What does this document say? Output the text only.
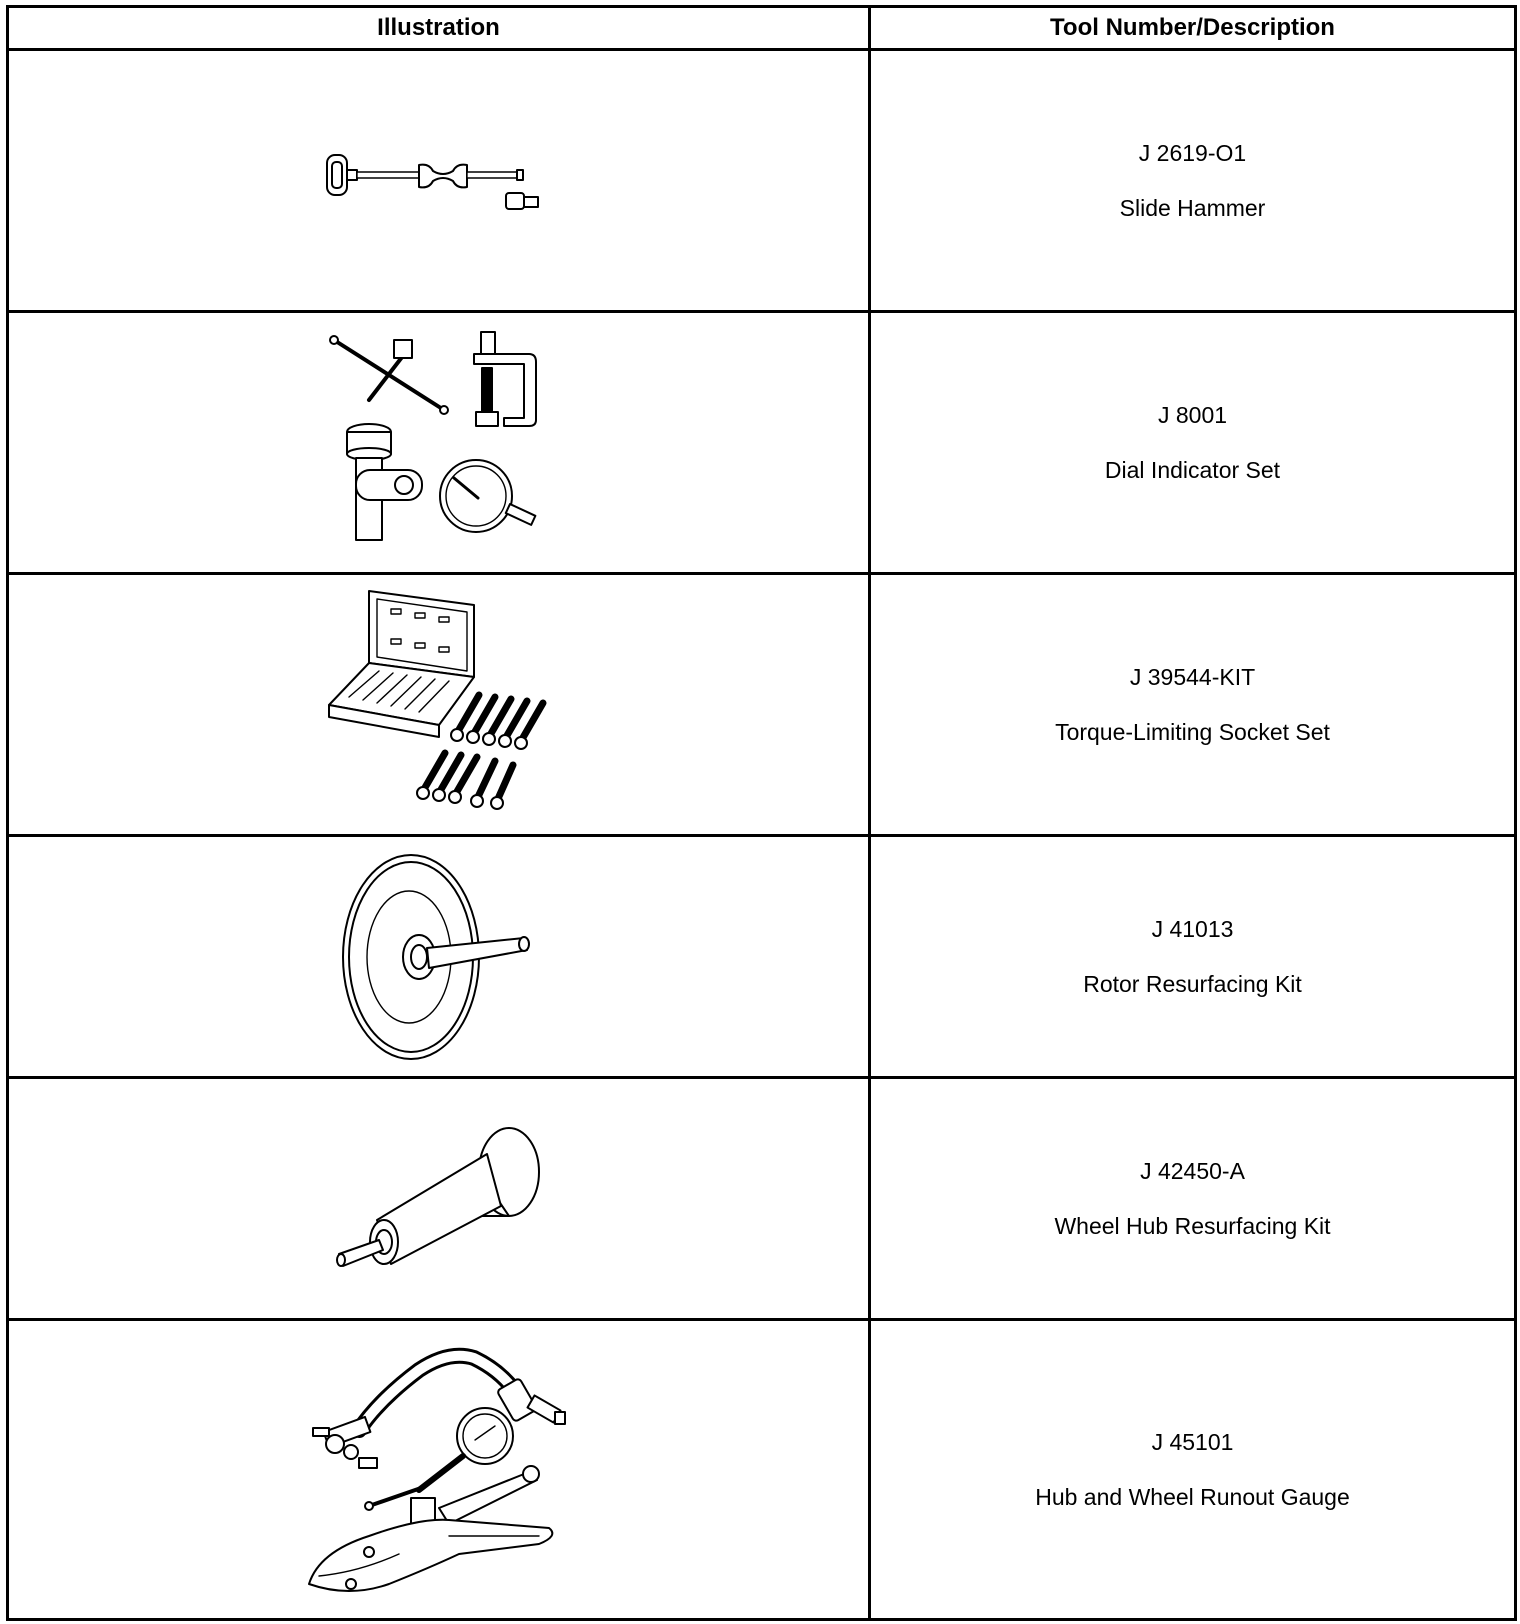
Illustration	Tool Number/Description

J 2619-O1
Slide Hammer

J 8001
Dial Indicator Set

J 39544-KIT
Torque-Limiting Socket Set

J 41013
Rotor Resurfacing Kit

J 42450-A
Wheel Hub Resurfacing Kit

J 45101
Hub and Wheel Runout Gauge
